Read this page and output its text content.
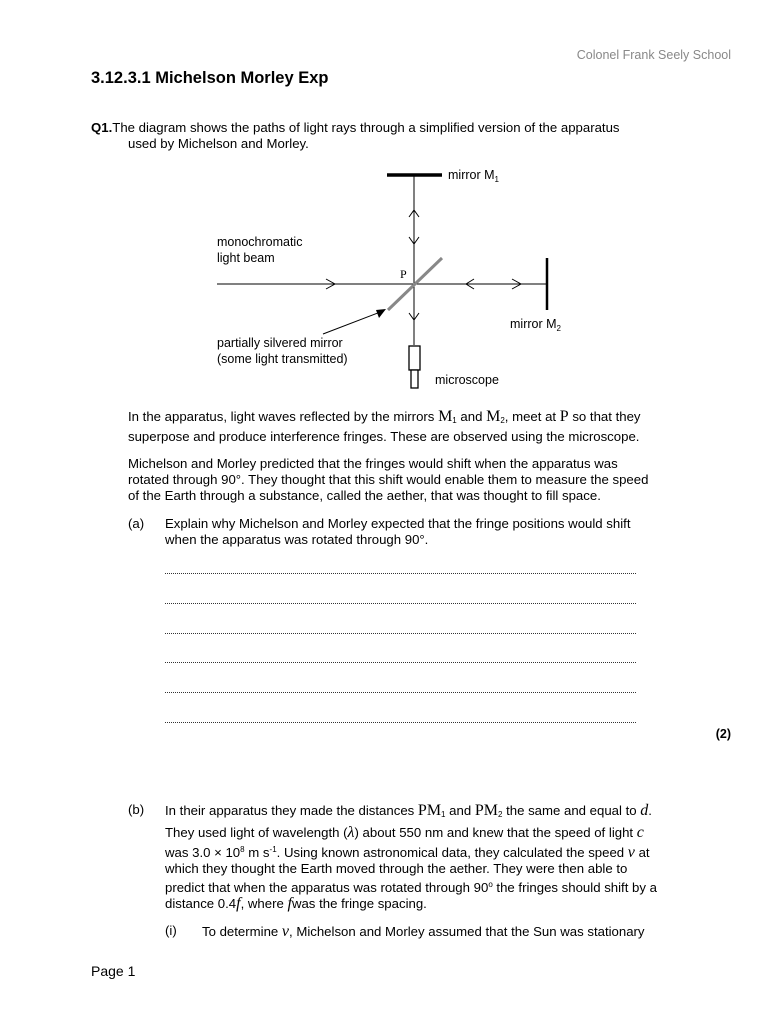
Colonel Frank Seely School
3.12.3.1 Michelson Morley Exp
Q1.The diagram shows the paths of light rays through a simplified version of the apparatus
used by Michelson and Morley.
mirror $M_1$
mirror $M_2$
monochromatic
light beam
P
partially silvered mirror
(some light transmitted)
microscope
In the apparatus, light waves reflected by the mirrors $M_1$ and $M_2$, meet at P so that they
superpose and produce interference fringes. These are observed using the microscope.
Michelson and Morley predicted that the fringes would shift when the apparatus was
rotated through 90°. They thought that this shift would enable them to measure the speed
of the Earth through a substance, called the aether, that was thought to fill space.
(a) Explain why Michelson and Morley expected that the fringe positions would shift
when the apparatus was rotated through 90°.
(2)
(b) In their apparatus they made the distances $PM_1$ and $PM_2$ the same and equal to d.
They used light of wavelength (λ) about 550 nm and knew that the speed of light c
was $3.0 \times 10^8$ m $s^{-1}$. Using known astronomical data, they calculated the speed v at
which they thought the Earth moved through the aether. They were then able to
predict that when the apparatus was rotated through 90$^o$ the fringes should shift by a
distance 0.4f, where fwas the fringe spacing.
(i) To determine v, Michelson and Morley assumed that the Sun was stationary
Page 1
